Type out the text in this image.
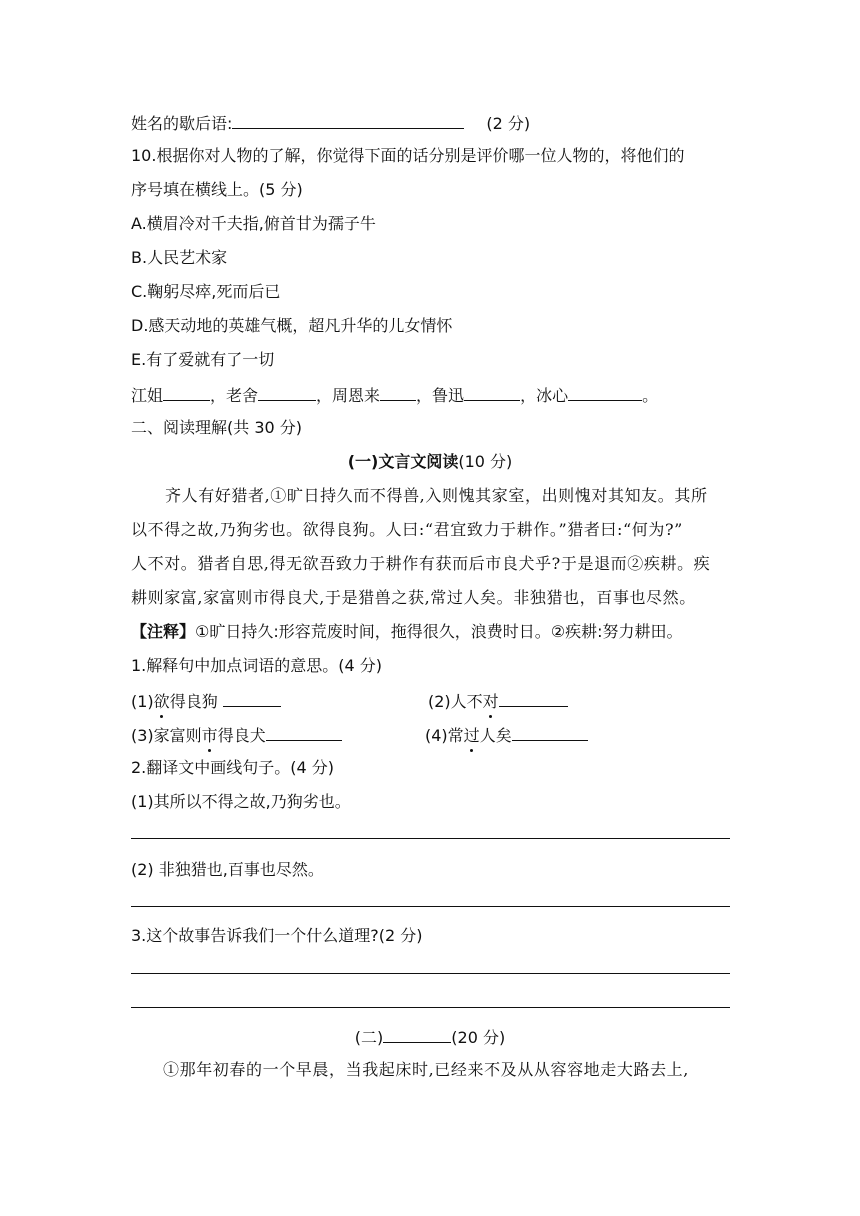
姓名的歇后语:	(2 分)
10.根据你对人物的了解，你觉得下面的话分别是评价哪一位人物的，将他们的
序号填在横线上。(5 分)
A.横眉冷对千夫指,俯首甘为孺子牛
B.人民艺术家
C.鞠躬尽瘁,死而后已
D.感天动地的英雄气概，超凡升华的儿女情怀
E.有了爱就有了一切
江姐	，老舍	，周恩来 ，鲁迅	，冰心	。
二、阅读理解(共 30 分)
(一)文言文阅读(10 分)
齐人有好猎者,①旷日持久而不得兽,入则愧其家室，出则愧对其知友。其所
以不得之故,乃狗劣也。欲得良狗。人曰:“君宜致力于耕作。”猎者曰:“何为?”
人不对。猎者自思,得无欲吾致力于耕作有获而后市良犬乎?于是退而②疾耕。疾
耕则家富,家富则市得良犬,于是猎兽之获,常过人矣。非独猎也，百事也尽然。
【注释】①旷日持久:形容荒废时间，拖得很久，浪费时日。②疾耕:努力耕田。
1.解释句中加点词语的意思。(4 分)
(1)欲得良狗	(2)人不对
(3)家富则市得良犬	(4)常过人矣
2.翻译文中画线句子。(4 分)
(1)其所以不得之故,乃狗劣也。
(2) 非独猎也,百事也尽然。
3.这个故事告诉我们一个什么道理?(2 分)
(二)	(20 分)
①那年初春的一个早晨，当我起床时,已经来不及从从容容地走大路去上,
